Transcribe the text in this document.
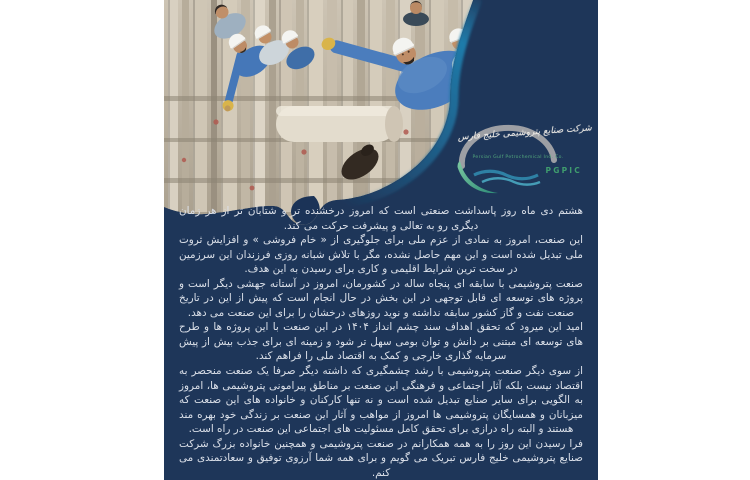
شرکت صنایع پتروشیمی خلیج فارس
Persian Gulf Petrochemical Ind. Co.
PGPIC

هشتم دی ماه روز پاسداشت صنعتی است که امروز درخشنده تر و شتابان تر از هر زمان دیگری رو به تعالی و پیشرفت حرکت می کند.

این صنعت، امروز به نمادی از عزم ملی برای جلوگیری از « خام فروشی » و افزایش ثروت ملی تبدیل شده است و این مهم حاصل نشده، مگر با تلاش شبانه روزی فرزندان این سرزمین در سخت ترین شرایط اقلیمی و کاری برای رسیدن به این هدف.

صنعت پتروشیمی با سابقه ای پنجاه ساله در کشورمان، امروز در آستانه جهشی دیگر است و پروژه های توسعه ای قابل توجهی در این بخش در حال انجام است که پیش از این در تاریخ صنعت نفت و گاز کشور سابقه نداشته و نوید روزهای درخشان را برای این صنعت می دهد.

امید این میرود که تحقق اهداف سند چشم انداز ۱۴۰۴ در این صنعت با این پروژه ها و طرح های توسعه ای مبتنی بر دانش و توان بومی سهل تر شود و زمینه ای برای جذب بیش از پیش سرمایه گذاری خارجی و کمک به اقتصاد ملی را فراهم کند.

از سوی دیگر صنعت پتروشیمی با رشد چشمگیری که داشته دیگر صرفا یک صنعت منحصر به اقتصاد نیست بلکه آثار اجتماعی و فرهنگی این صنعت بر مناطق پیرامونی پتروشیمی ها، امروز به الگویی برای سایر صنایع تبدیل شده است و نه تنها کارکنان و خانواده های این صنعت که میزبانان و همسایگان پتروشیمی ها امروز از مواهب و آثار این صنعت بر زندگی خود بهره مند هستند و البته راه درازی برای تحقق کامل مسئولیت های اجتماعی این صنعت در راه است.

فرا رسیدن این روز را به همه همکارانم در صنعت پتروشیمی و همچنین خانواده بزرگ شرکت صنایع پتروشیمی خلیج فارس تبریک می گویم و برای همه شما آرزوی توفیق و سعادتمندی می کنم.
